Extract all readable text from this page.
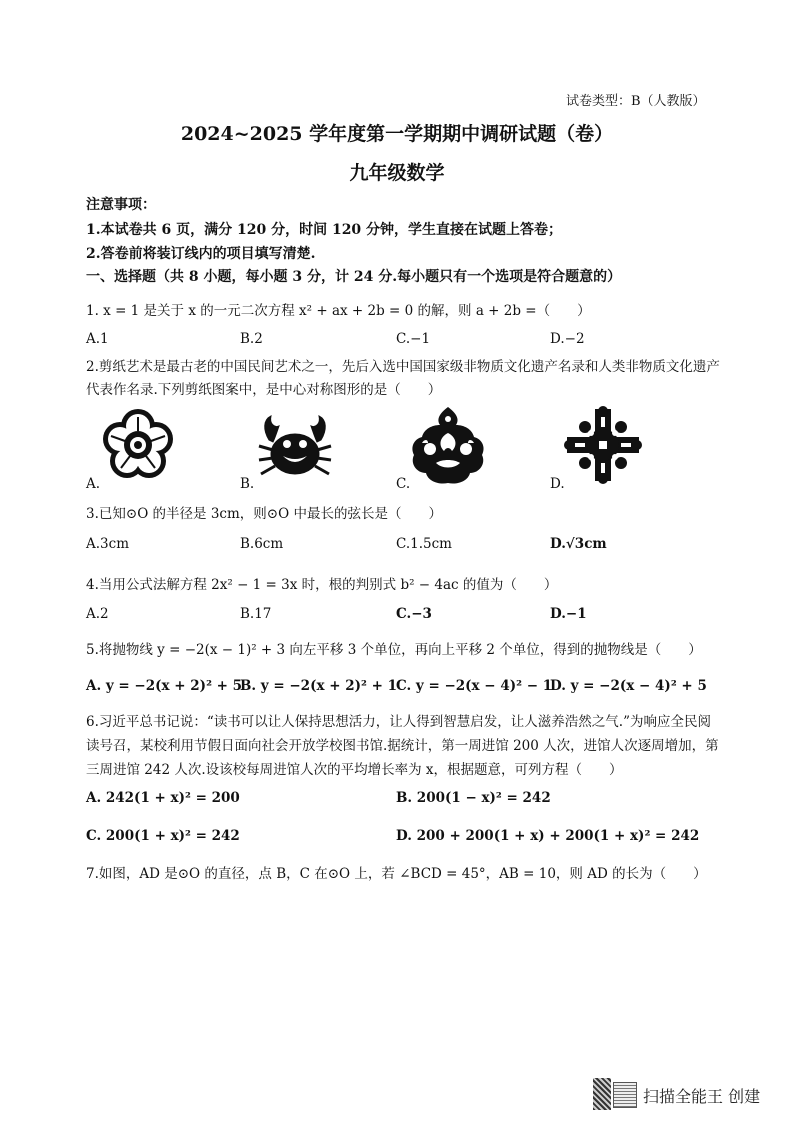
试卷类型：B（人教版）
2024~2025 学年度第一学期期中调研试题（卷）
九年级数学
注意事项：
1.本试卷共 6 页，满分 120 分，时间 120 分钟，学生直接在试题上答卷；
2.答卷前将装订线内的项目填写清楚.
一、选择题（共 8 小题，每小题 3 分，计 24 分.每小题只有一个选项是符合题意的）
1. x = 1 是关于 x 的一元二次方程 x² + ax + 2b = 0 的解，则 a + 2b =（　　）
A.1	B.2	C.−1	D.−2
2.剪纸艺术是最古老的中国民间艺术之一，先后入选中国国家级非物质文化遗产名录和人类非物质文化遗产
代表作名录.下列剪纸图案中，是中心对称图形的是（　　）
A.	B.	C.	D.
3.已知⊙O 的半径是 3cm，则⊙O 中最长的弦长是（　　）
A.3cm	B.6cm	C.1.5cm	D.√3cm
4.当用公式法解方程 2x² − 1 = 3x 时，根的判别式 b² − 4ac 的值为（　　）
A.2	B.17	C.−3	D.−1
5.将抛物线 y = −2(x − 1)² + 3 向左平移 3 个单位，再向上平移 2 个单位，得到的抛物线是（　　）
A. y = −2(x + 2)² + 5
B. y = −2(x + 2)² + 1
C. y = −2(x − 4)² − 1
D. y = −2(x − 4)² + 5
6.习近平总书记说：“读书可以让人保持思想活力，让人得到智慧启发，让人滋养浩然之气.”为响应全民阅
读号召，某校利用节假日面向社会开放学校图书馆.据统计，第一周进馆 200 人次，进馆人次逐周增加，第
三周进馆 242 人次.设该校每周进馆人次的平均增长率为 x，根据题意，可列方程（　　）
A. 242(1 + x)² = 200	B. 200(1 − x)² = 242
C. 200(1 + x)² = 242	D. 200 + 200(1 + x) + 200(1 + x)² = 242
7.如图，AD 是⊙O 的直径，点 B，C 在⊙O 上，若 ∠BCD = 45°，AB = 10，则 AD 的长为（　　）
扫描全能王 创建
